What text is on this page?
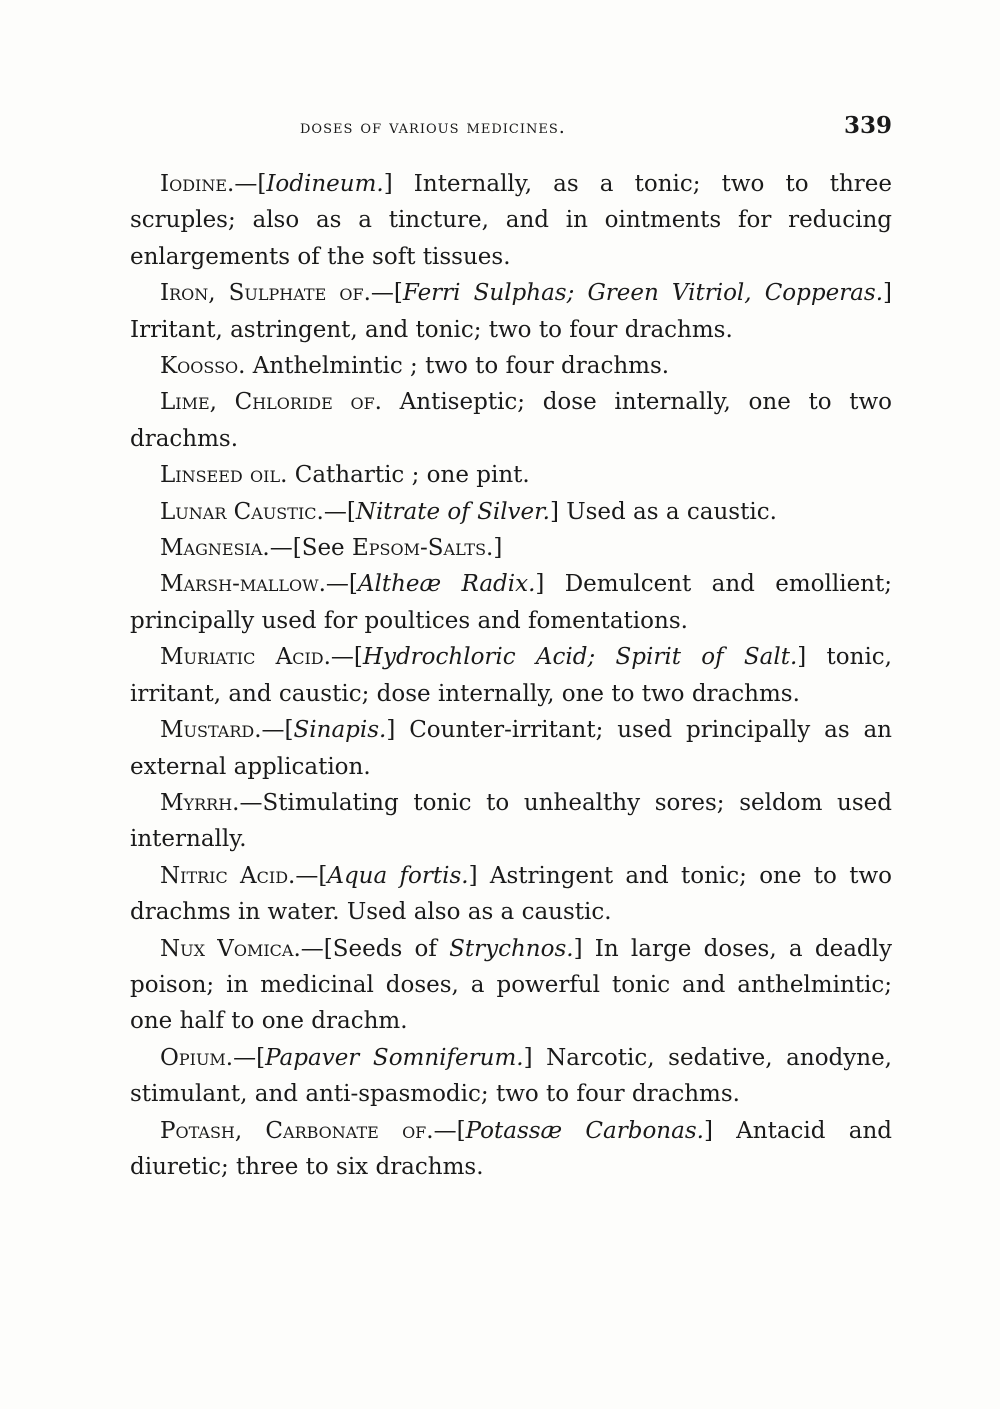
doses of various medicines.	339

Iodine.—[Iodineum.] Internally, as a tonic; two to three scruples; also as a tincture, and in ointments for reducing enlargements of the soft tissues.

Iron, Sulphate of.—[Ferri Sulphas; Green Vitriol, Copperas.] Irritant, astringent, and tonic; two to four drachms.

Koosso. Anthelmintic ; two to four drachms.

Lime, Chloride of. Antiseptic; dose internally, one to two drachms.

Linseed oil. Cathartic ; one pint.

Lunar Caustic.—[Nitrate of Silver.] Used as a caustic.

Magnesia.—[See Epsom-Salts.]

Marsh-mallow.—[Altheæ Radix.] Demulcent and emollient; principally used for poultices and fomentations.

Muriatic Acid.—[Hydrochloric Acid; Spirit of Salt.] tonic, irritant, and caustic; dose internally, one to two drachms.

Mustard.—[Sinapis.] Counter-irritant; used principally as an external application.

Myrrh.—Stimulating tonic to unhealthy sores; seldom used internally.

Nitric Acid.—[Aqua fortis.] Astringent and tonic; one to two drachms in water. Used also as a caustic.

Nux Vomica.—[Seeds of Strychnos.] In large doses, a deadly poison; in medicinal doses, a powerful tonic and anthelmintic; one half to one drachm.

Opium.—[Papaver Somniferum.] Narcotic, sedative, anodyne, stimulant, and anti-spasmodic; two to four drachms.

Potash, Carbonate of.—[Potassæ Carbonas.] Antacid and diuretic; three to six drachms.
